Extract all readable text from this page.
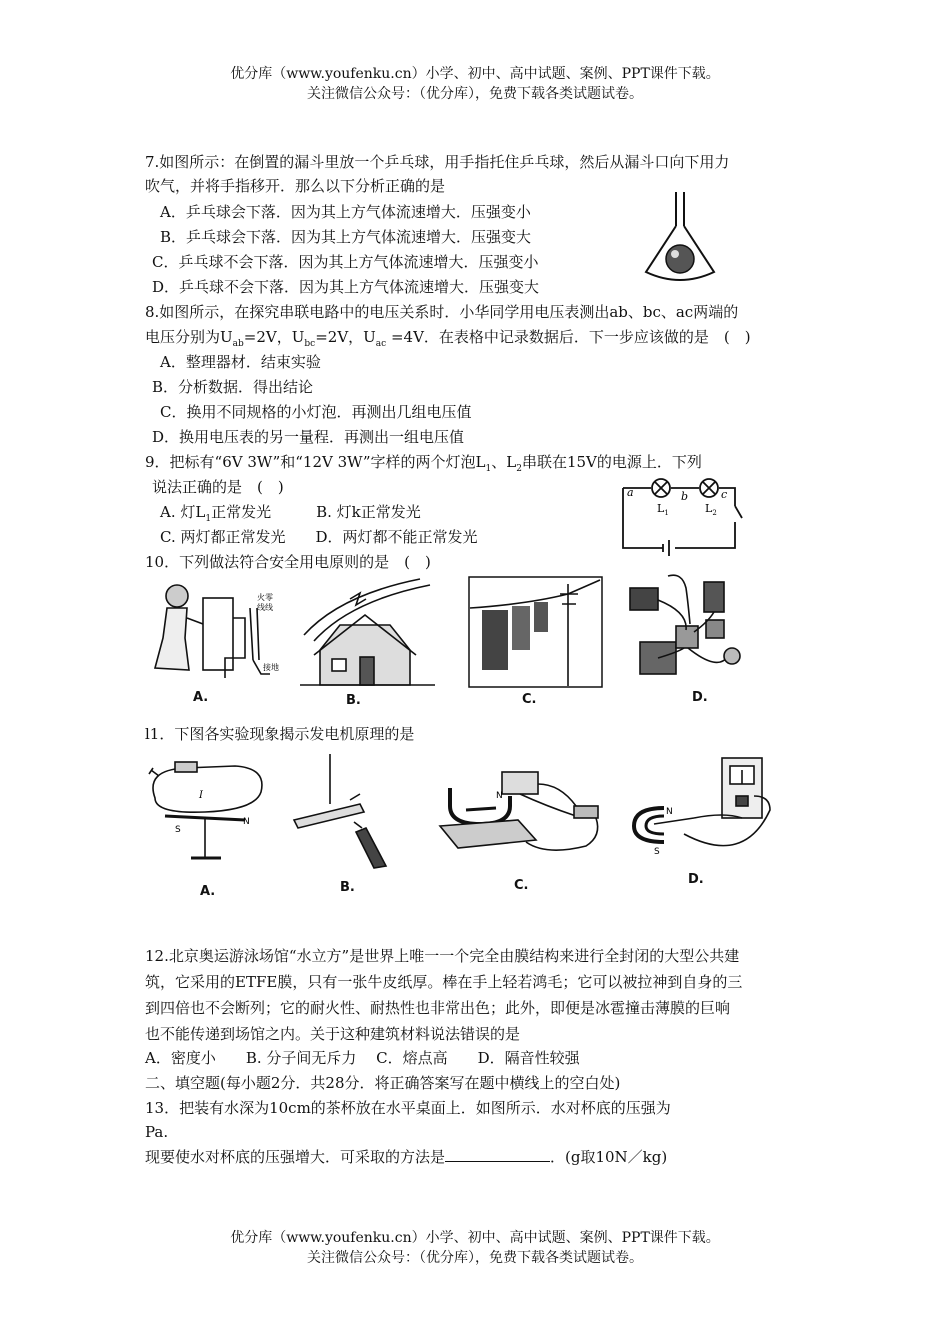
优分库（www.youfenku.cn）小学、初中、高中试题、案例、PPT课件下载。
关注微信公众号：（优分库），免费下载各类试题试卷。
7.如图所示：在倒置的漏斗里放一个乒乓球，用手指托住乒乓球，然后从漏斗口向下用力
吹气，并将手指移开．那么以下分析正确的是
A．乒乓球会下落．因为其上方气体流速增大．压强变小
B．乒乓球会下落．因为其上方气体流速增大．压强变大
C．乒乓球不会下落．因为其上方气体流速增大．压强变小
D．乒乓球不会下落．因为其上方气体流速增大．压强变大
8.如图所示，在探究串联电路中的电压关系时．小华同学用电压表测出ab、bc、ac两端的
电压分别为$U_{ab}=2V$，$U_{bc}=2V$，$U_{ac} =4V$．在表格中记录数据后．下一步应该做的是　(　)
A．整理器材．结束实验
B．分析数据．得出结论
C．换用不同规格的小灯泡．再测出几组电压值
D．换用电压表的另一量程．再测出一组电压值
9．把标有“6V 3W”和“12V 3W”字样的两个灯泡$L_1$、$L_2$串联在15V的电源上．下列
说法正确的是　(　)
A. 灯$L_1$正常发光　　　B. 灯k正常发光
C. 两灯都正常发光　　D．两灯都不能正常发光
a	b	c
$L_1$	$L_2$
10．下列做法符合安全用电原则的是　(　)
火零
线线
接地
A.	B.	C.	D.
l1．下图各实验现象揭示发电机原理的是
I
S
N
A.	B.
N
C.
N
S
D.
12.北京奥运游泳场馆“水立方”是世界上唯一一个完全由膜结构来进行全封闭的大型公共建
筑，它采用的ETFE膜，只有一张牛皮纸厚。棒在手上轻若鸿毛；它可以被拉神到自身的三
到四倍也不会断列；它的耐火性、耐热性也非常出色；此外，即便是冰雹撞击薄膜的巨响
也不能传递到场馆之内。关于这种建筑材料说法错误的是
A．密度小　　B. 分子间无斥力　 C．熔点高　　D．隔音性较强
二、填空题(每小题2分．共28分．将正确答案写在题中横线上的空白处)
13．把装有水深为10cm的茶杯放在水平桌面上．如图所示．水对杯底的压强为
Pa.
现要使水对杯底的压强增大．可采取的方法是	．(g取10N／kg)
优分库（www.youfenku.cn）小学、初中、高中试题、案例、PPT课件下载。
关注微信公众号：（优分库），免费下载各类试题试卷。
